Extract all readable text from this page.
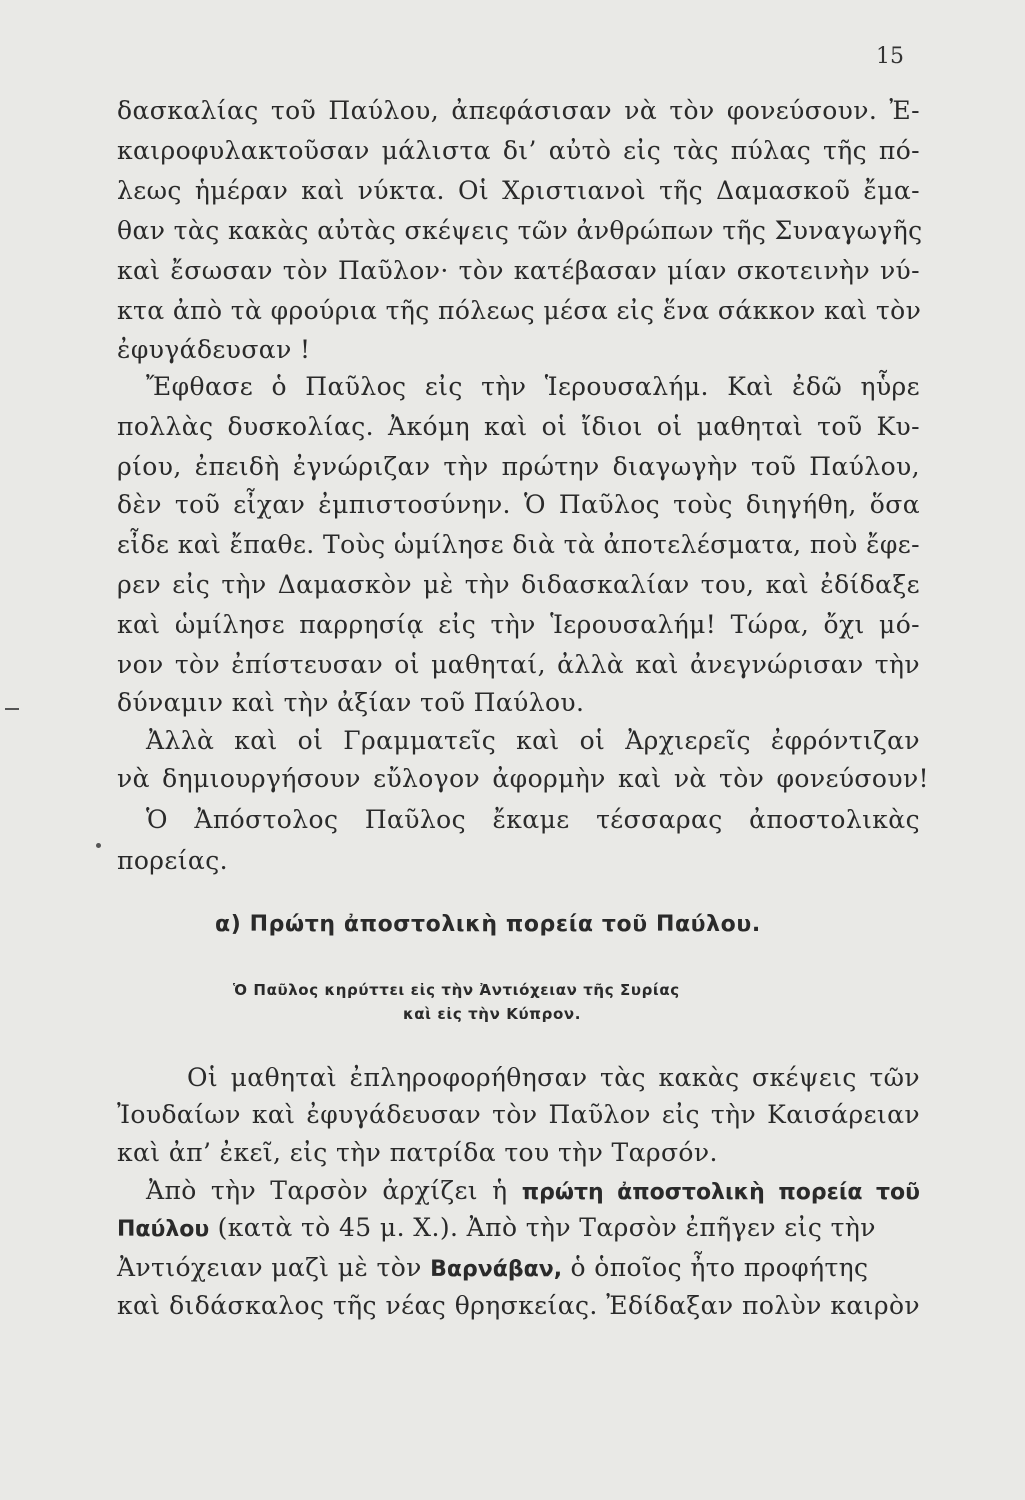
15
δασκαλίας τοῦ Παύλου, ἀπεφάσισαν νὰ τὸν φονεύσουν. Ἐ-
καιροφυλακτοῦσαν μάλιστα δι’ αὐτὸ εἰς τὰς πύλας τῆς πό-
λεως ἡμέραν καὶ νύκτα. Οἱ Χριστιανοὶ τῆς Δαμασκοῦ ἔμα-
θαν τὰς κακὰς αὐτὰς σκέψεις τῶν ἀνθρώπων τῆς Συναγωγῆς
καὶ ἔσωσαν τὸν Παῦλον· τὸν κατέβασαν μίαν σκοτεινὴν νύ-
κτα ἀπὸ τὰ φρούρια τῆς πόλεως μέσα εἰς ἕνα σάκκον καὶ τὸν
ἐφυγάδευσαν !
Ἔφθασε ὁ Παῦλος εἰς τὴν Ἱερουσαλήμ. Καὶ ἐδῶ ηὗρε
πολλὰς δυσκολίας. Ἀκόμη καὶ οἱ ἴδιοι οἱ μαθηταὶ τοῦ Κυ-
ρίου, ἐπειδὴ ἐγνώριζαν τὴν πρώτην διαγωγὴν τοῦ Παύλου,
δὲν τοῦ εἶχαν ἐμπιστοσύνην. Ὁ Παῦλος τοὺς διηγήθη, ὅσα
εἶδε καὶ ἔπαθε. Τοὺς ὡμίλησε διὰ τὰ ἀποτελέσματα, ποὺ ἔφε-
ρεν εἰς τὴν Δαμασκὸν μὲ τὴν διδασκαλίαν του, καὶ ἐδίδαξε
καὶ ὡμίλησε παρρησίᾳ εἰς τὴν Ἱερουσαλήμ! Τώρα, ὄχι μό-
νον τὸν ἐπίστευσαν οἱ μαθηταί, ἀλλὰ καὶ ἀνεγνώρισαν τὴν
δύναμιν καὶ τὴν ἀξίαν τοῦ Παύλου.
Ἀλλὰ καὶ οἱ Γραμματεῖς καὶ οἱ Ἀρχιερεῖς ἐφρόντιζαν
νὰ δημιουργήσουν εὔλογον ἀφορμὴν καὶ νὰ τὸν φονεύσουν!
Ὁ Ἀπόστολος Παῦλος ἔκαμε τέσσαρας ἀποστολικὰς
πορείας.
α) Πρώτη ἀποστολικὴ πορεία τοῦ Παύλου.
Ὁ Παῦλος κηρύττει εἰς τὴν Ἀντιόχειαν τῆς Συρίας
καὶ εἰς τὴν Κύπρον.
Οἱ μαθηταὶ ἐπληροφορήθησαν τὰς κακὰς σκέψεις τῶν
Ἰουδαίων καὶ ἐφυγάδευσαν τὸν Παῦλον εἰς τὴν Καισάρειαν
καὶ ἀπ’ ἐκεῖ, εἰς τὴν πατρίδα του τὴν Ταρσόν.
Ἀπὸ τὴν Ταρσὸν ἀρχίζει ἡ πρώτη ἀποστολικὴ πορεία τοῦ
Παύλου (κατὰ τὸ 45 μ. Χ.). Ἀπὸ τὴν Ταρσὸν ἐπῆγεν εἰς τὴν
Ἀντιόχειαν μαζὶ μὲ τὸν Βαρνάβαν, ὁ ὁποῖος ἦτο προφήτης
καὶ διδάσκαλος τῆς νέας θρησκείας. Ἐδίδαξαν πολὺν καιρὸν
